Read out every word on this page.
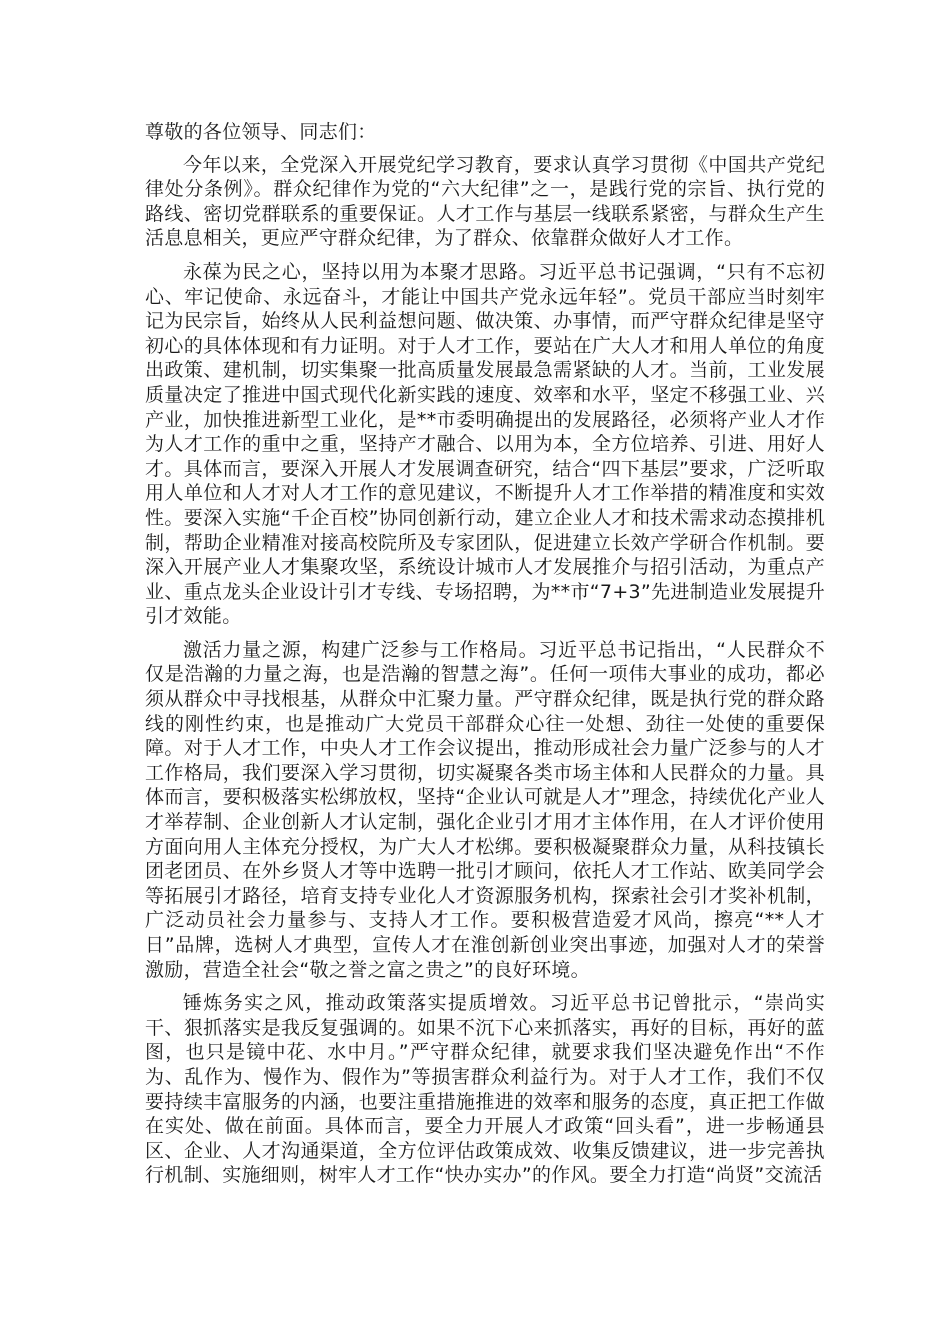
尊敬的各位领导、同志们：

今年以来，全党深入开展党纪学习教育，要求认真学习贯彻《中国共产党纪律处分条例》。群众纪律作为党的“六大纪律”之一，是践行党的宗旨、执行党的路线、密切党群联系的重要保证。人才工作与基层一线联系紧密，与群众生产生活息息相关，更应严守群众纪律，为了群众、依靠群众做好人才工作。

永葆为民之心，坚持以用为本聚才思路。习近平总书记强调，“只有不忘初心、牢记使命、永远奋斗，才能让中国共产党永远年轻”。党员干部应当时刻牢记为民宗旨，始终从人民利益想问题、做决策、办事情，而严守群众纪律是坚守初心的具体体现和有力证明。对于人才工作，要站在广大人才和用人单位的角度出政策、建机制，切实集聚一批高质量发展最急需紧缺的人才。当前，工业发展质量决定了推进中国式现代化新实践的速度、效率和水平，坚定不移强工业、兴产业，加快推进新型工业化，是**市委明确提出的发展路径，必须将产业人才作为人才工作的重中之重，坚持产才融合、以用为本，全方位培养、引进、用好人才。具体而言，要深入开展人才发展调查研究，结合“四下基层”要求，广泛听取用人单位和人才对人才工作的意见建议，不断提升人才工作举措的精准度和实效性。要深入实施“千企百校”协同创新行动，建立企业人才和技术需求动态摸排机制，帮助企业精准对接高校院所及专家团队，促进建立长效产学研合作机制。要深入开展产业人才集聚攻坚，系统设计城市人才发展推介与招引活动，为重点产业、重点龙头企业设计引才专线、专场招聘，为**市“7+3”先进制造业发展提升引才效能。

激活力量之源，构建广泛参与工作格局。习近平总书记指出，“人民群众不仅是浩瀚的力量之海，也是浩瀚的智慧之海”。任何一项伟大事业的成功，都必须从群众中寻找根基，从群众中汇聚力量。严守群众纪律，既是执行党的群众路线的刚性约束，也是推动广大党员干部群众心往一处想、劲往一处使的重要保障。对于人才工作，中央人才工作会议提出，推动形成社会力量广泛参与的人才工作格局，我们要深入学习贯彻，切实凝聚各类市场主体和人民群众的力量。具体而言，要积极落实松绑放权，坚持“企业认可就是人才”理念，持续优化产业人才举荐制、企业创新人才认定制，强化企业引才用才主体作用，在人才评价使用方面向用人主体充分授权，为广大人才松绑。要积极凝聚群众力量，从科技镇长团老团员、在外乡贤人才等中选聘一批引才顾问，依托人才工作站、欧美同学会等拓展引才路径，培育支持专业化人才资源服务机构，探索社会引才奖补机制，广泛动员社会力量参与、支持人才工作。要积极营造爱才风尚，擦亮“**人才日”品牌，选树人才典型，宣传人才在淮创新创业突出事迹，加强对人才的荣誉激励，营造全社会“敬之誉之富之贵之”的良好环境。

锤炼务实之风，推动政策落实提质增效。习近平总书记曾批示，“崇尚实干、狠抓落实是我反复强调的。如果不沉下心来抓落实，再好的目标，再好的蓝图，也只是镜中花、水中月。”严守群众纪律，就要求我们坚决避免作出“不作为、乱作为、慢作为、假作为”等损害群众利益行为。对于人才工作，我们不仅要持续丰富服务的内涵，也要注重措施推进的效率和服务的态度，真正把工作做在实处、做在前面。具体而言，要全力开展人才政策“回头看”，进一步畅通县区、企业、人才沟通渠道，全方位评估政策成效、收集反馈建议，进一步完善执行机制、实施细则，树牢人才工作“快办实办”的作风。要全力打造“尚贤”交流活
